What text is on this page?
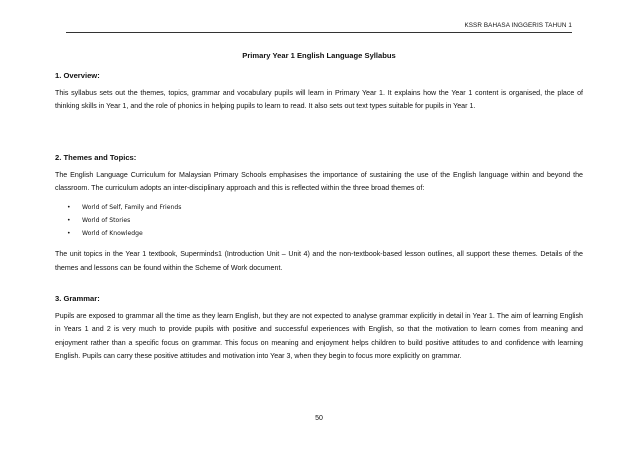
KSSR BAHASA INGGERIS TAHUN 1
Primary Year 1 English Language Syllabus
1. Overview:

This syllabus sets out the themes, topics, grammar and vocabulary pupils will learn in Primary Year 1. It explains how the Year 1 content is organised, the place of thinking skills in Year 1, and the role of phonics in helping pupils to learn to read. It also sets out text types suitable for pupils in Year 1.

2. Themes and Topics:

The English Language Curriculum for Malaysian Primary Schools emphasises the importance of sustaining the use of the English language within and beyond the classroom. The curriculum adopts an inter-disciplinary approach and this is reflected within the three broad themes of:

• World of Self, Family and Friends
• World of Stories
• World of Knowledge

The unit topics in the Year 1 textbook, Superminds1 (Introduction Unit – Unit 4) and the non-textbook-based lesson outlines, all support these themes. Details of the themes and lessons can be found within the Scheme of Work document.

3. Grammar:

Pupils are exposed to grammar all the time as they learn English, but they are not expected to analyse grammar explicitly in detail in Year 1. The aim of learning English in Years 1 and 2 is very much to provide pupils with positive and successful experiences with English, so that the motivation to learn comes from meaning and enjoyment rather than a specific focus on grammar. This focus on meaning and enjoyment helps children to build positive attitudes to and confidence with learning English. Pupils can carry these positive attitudes and motivation into Year 3, when they begin to focus more explicitly on grammar.

50
